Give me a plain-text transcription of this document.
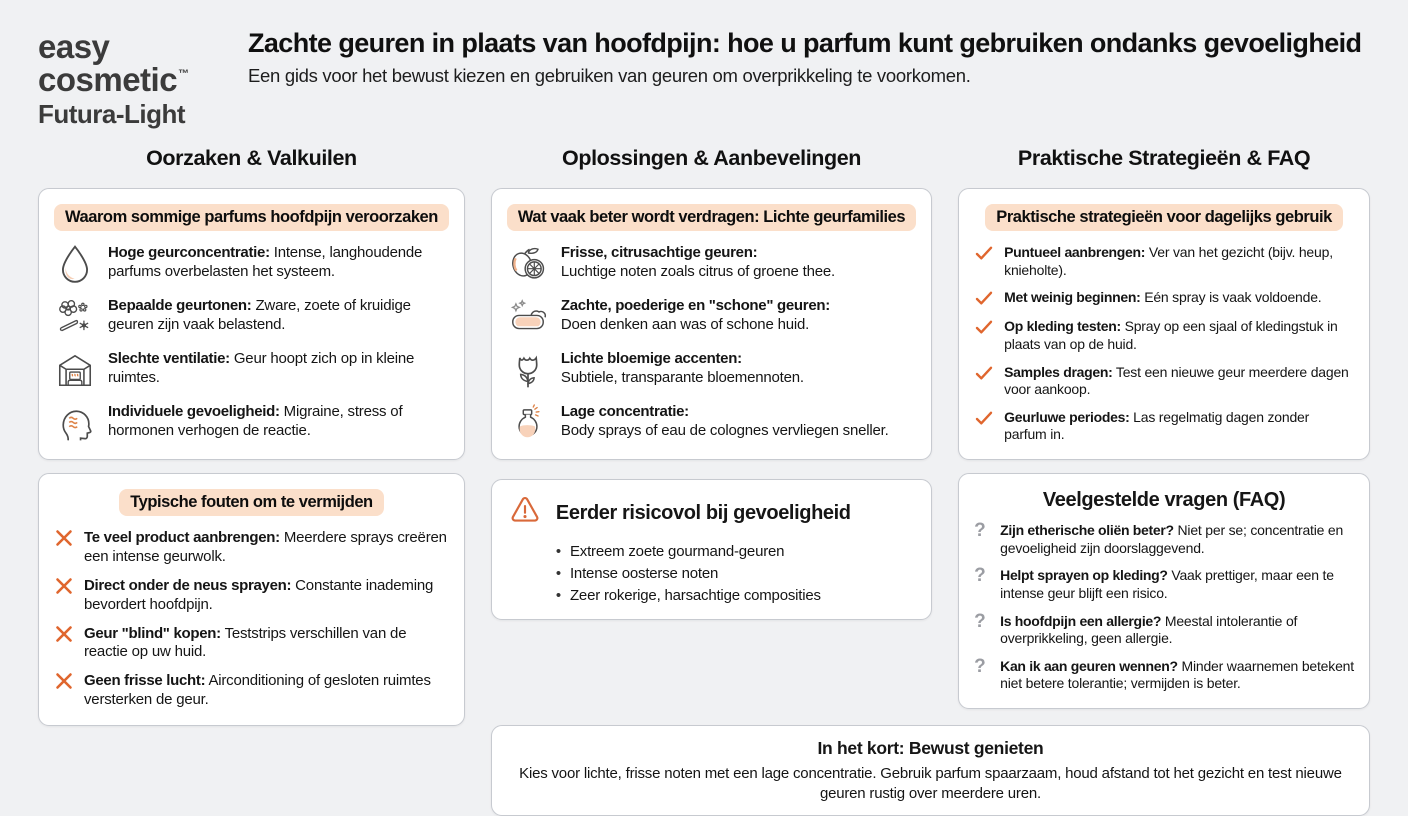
easy
cosmetic™
Futura-Light
Zachte geuren in plaats van hoofdpijn: hoe u parfum kunt gebruiken ondanks gevoeligheid

Een gids voor het bewust kiezen en gebruiken van geuren om overprikkeling te voorkomen.

Oorzaken & Valkuilen
Waarom sommige parfums hoofdpijn veroorzaken

Hoge geurconcentratie: Intense, langhoudende parfums overbelasten het systeem.

Bepaalde geurtonen: Zware, zoete of kruidige geuren zijn vaak belastend.

Slechte ventilatie: Geur hoopt zich op in kleine ruimtes.

Individuele gevoeligheid: Migraine, stress of hormonen verhogen de reactie.

Typische fouten om te vermijden

Te veel product aanbrengen: Meerdere sprays creëren een intense geurwolk.

Direct onder de neus sprayen: Constante inademing bevordert hoofdpijn.

Geur "blind" kopen: Teststrips verschillen van de reactie op uw huid.

Geen frisse lucht: Airconditioning of gesloten ruimtes versterken de geur.

Oplossingen & Aanbevelingen
Wat vaak beter wordt verdragen: Lichte geurfamilies

Frisse, citrusachtige geuren:
Luchtige noten zoals citrus of groene thee.

Zachte, poederige en "schone" geuren:
Doen denken aan was of schone huid.

Lichte bloemige accenten:
Subtiele, transparante bloemennoten.

Lage concentratie:
Body sprays of eau de colognes vervliegen sneller.

Eerder risicovol bij gevoeligheid
• Extreem zoete gourmand-geuren
• Intense oosterse noten
• Zeer rokerige, harsachtige composities
Praktische Strategieën & FAQ
Praktische strategieën voor dagelijks gebruik

Puntueel aanbrengen: Ver van het gezicht (bijv. heup, knieholte).

Met weinig beginnen: Eén spray is vaak voldoende.

Op kleding testen: Spray op een sjaal of kledingstuk in plaats van op de huid.

Samples dragen: Test een nieuwe geur meerdere dagen voor aankoop.

Geurluwe periodes: Las regelmatig dagen zonder parfum in.

Veelgestelde vragen (FAQ)
?

Zijn etherische oliën beter? Niet per se; concentratie en gevoeligheid zijn doorslaggevend.

?

Helpt sprayen op kleding? Vaak prettiger, maar een te intense geur blijft een risico.

?

Is hoofdpijn een allergie? Meestal intolerantie of overprikkeling, geen allergie.

?

Kan ik aan geuren wennen? Minder waarnemen betekent niet betere tolerantie; vermijden is beter.

In het kort: Bewust genieten
Kies voor lichte, frisse noten met een lage concentratie. Gebruik parfum spaarzaam, houd afstand tot het gezicht en test nieuwe geuren rustig over meerdere uren.
